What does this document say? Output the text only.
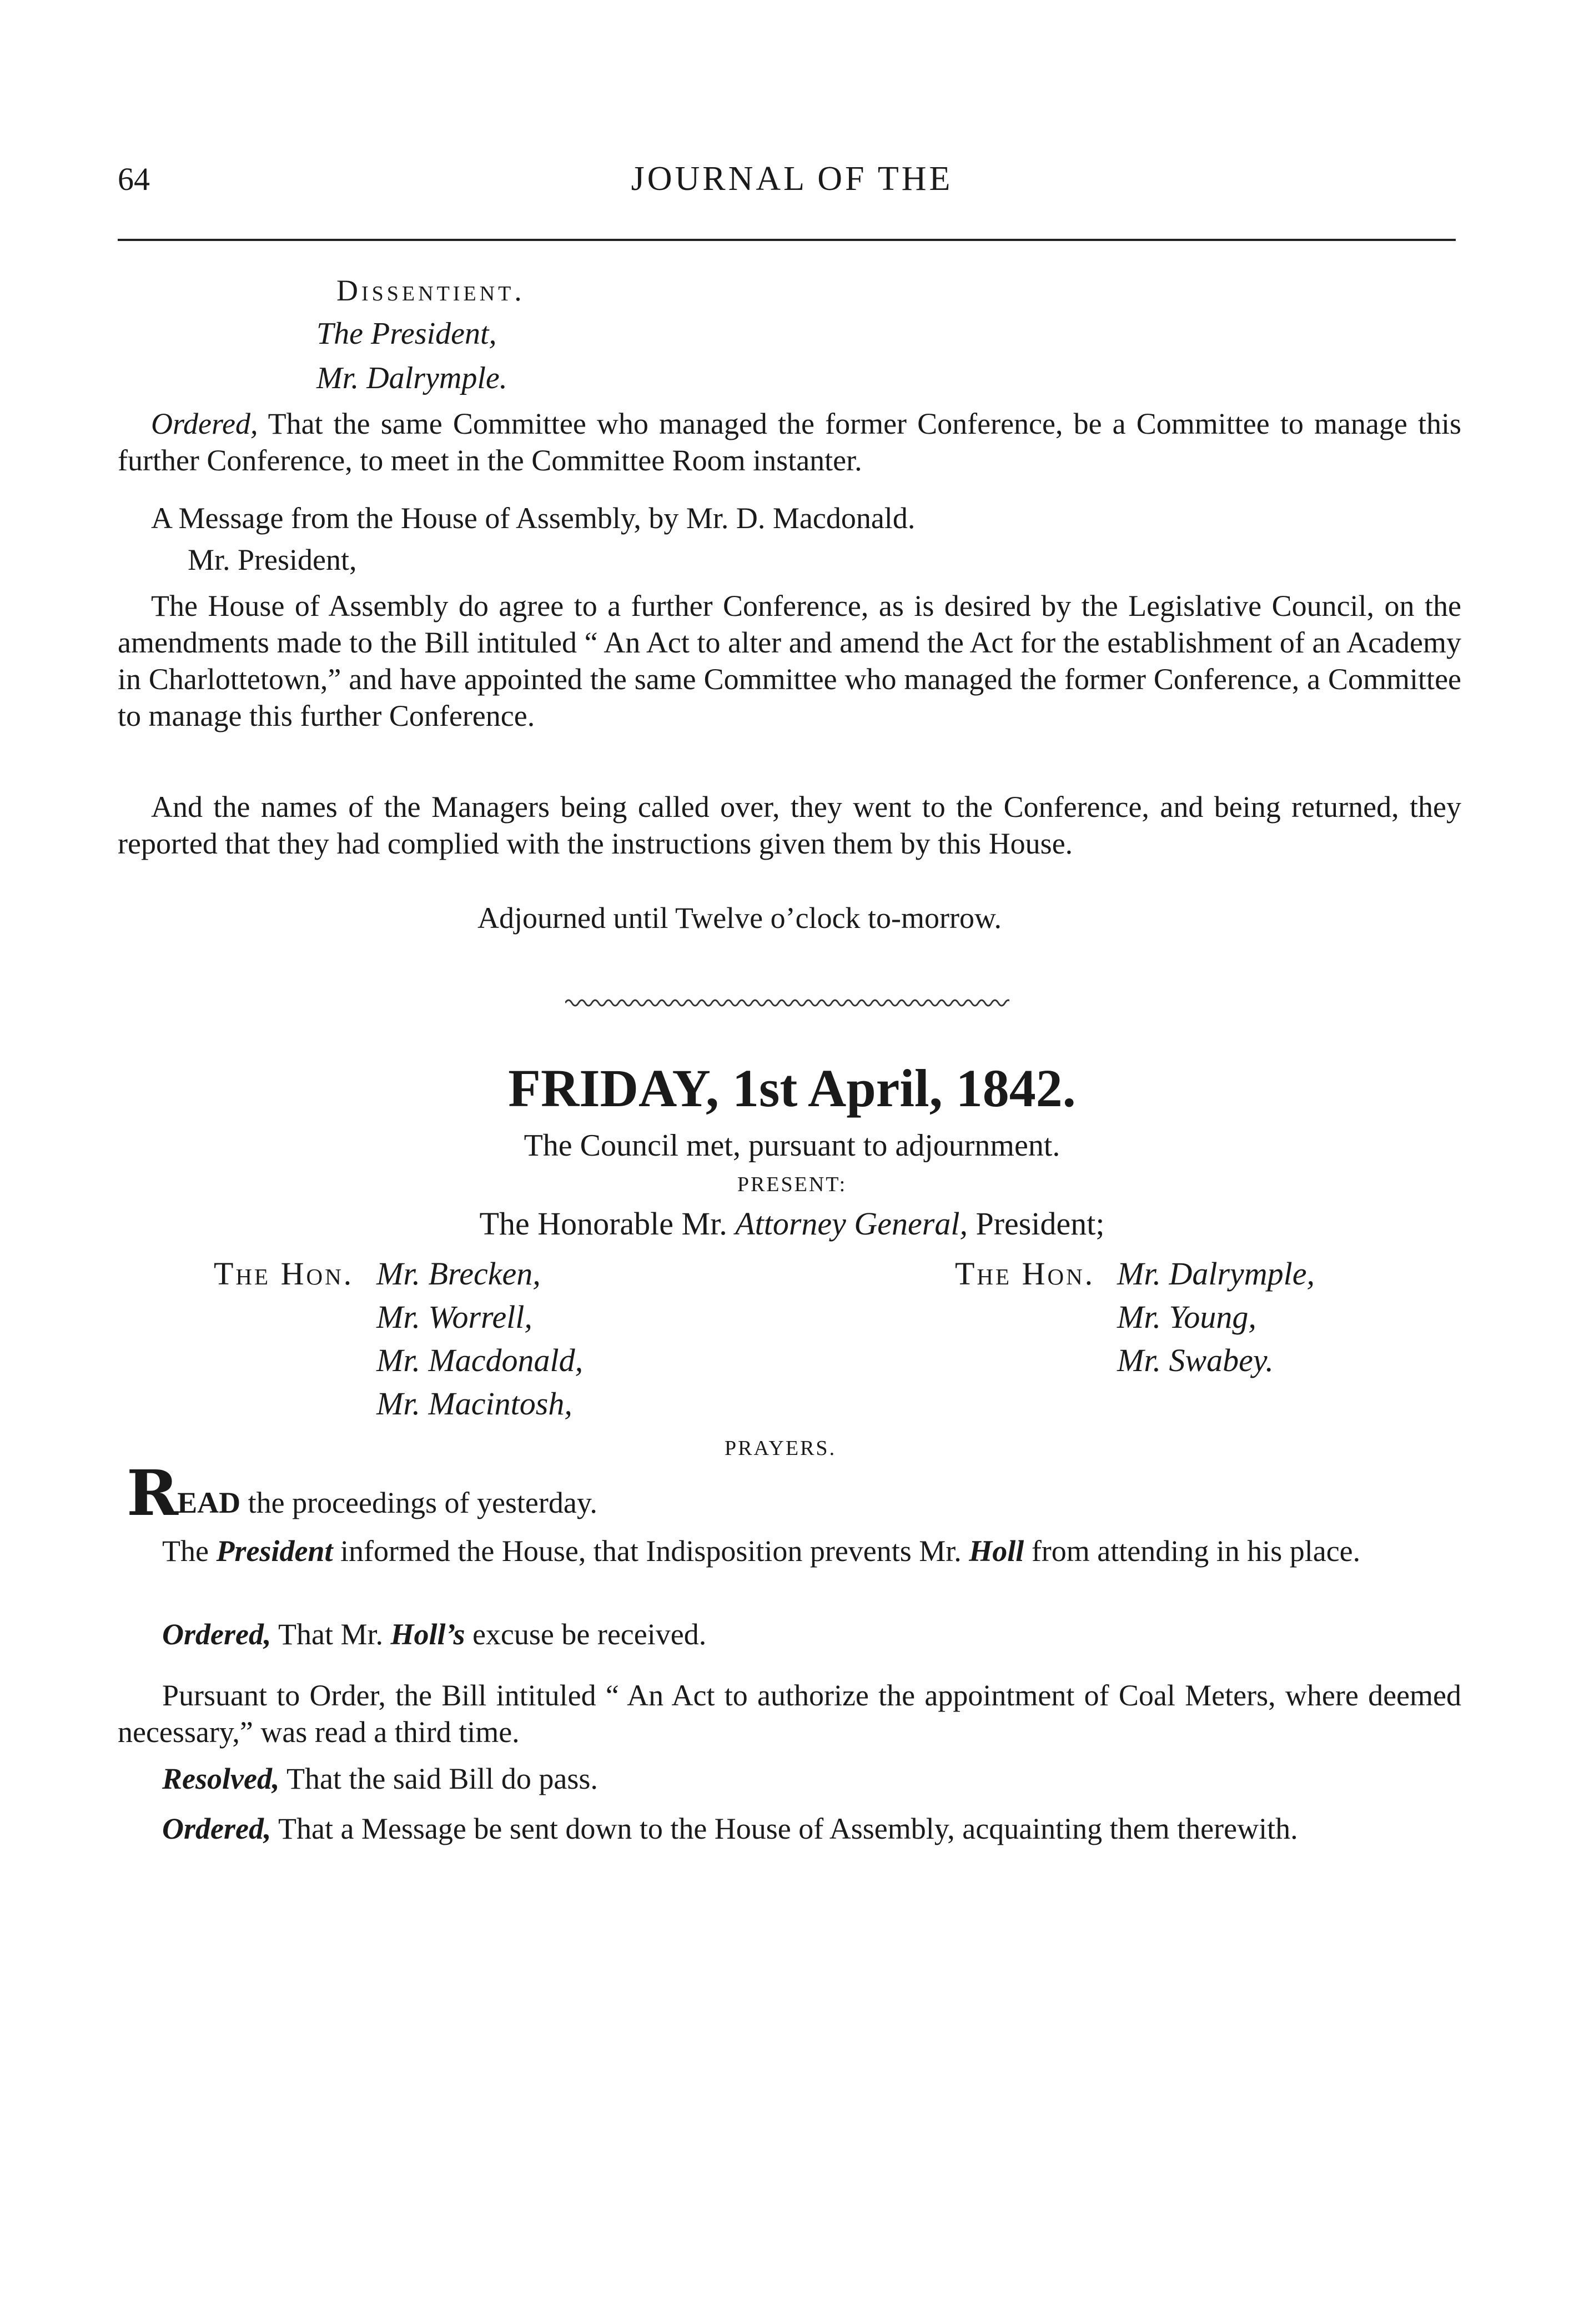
64	JOURNAL OF THE
Dissentient.
The President,
Mr. Dalrymple.
Ordered, That the same Committee who managed the former Conference, be a Committee to manage this further Conference, to meet in the Committee Room instanter.
A Message from the House of Assembly, by Mr. D. Macdonald.
Mr. President,
The House of Assembly do agree to a further Conference, as is desired by the Legislative Council, on the amendments made to the Bill intituled “ An Act to alter and amend the Act for the establishment of an Academy in Charlottetown,” and have appointed the same Committee who managed the former Conference, a Committee to manage this further Conference.
And the names of the Managers being called over, they went to the Conference, and being returned, they reported that they had complied with the instructions given them by this House.
Adjourned until Twelve o’clock to-morrow.
FRIDAY, 1st April, 1842.
The Council met, pursuant to adjournment.
PRESENT:
The Honorable Mr. Attorney General, President;
The Hon. Mr. Brecken,
Mr. Worrell,
Mr. Macdonald,
Mr. Macintosh,
The Hon. Mr. Dalrymple,
Mr. Young,
Mr. Swabey.
PRAYERS.
READ the proceedings of yesterday.
The President informed the House, that Indisposition prevents Mr. Holl from attending in his place.
Ordered, That Mr. Holl’s excuse be received.
Pursuant to Order, the Bill intituled “ An Act to authorize the appointment of Coal Meters, where deemed necessary,” was read a third time.
Resolved, That the said Bill do pass.
Ordered, That a Message be sent down to the House of Assembly, acquainting them therewith.
